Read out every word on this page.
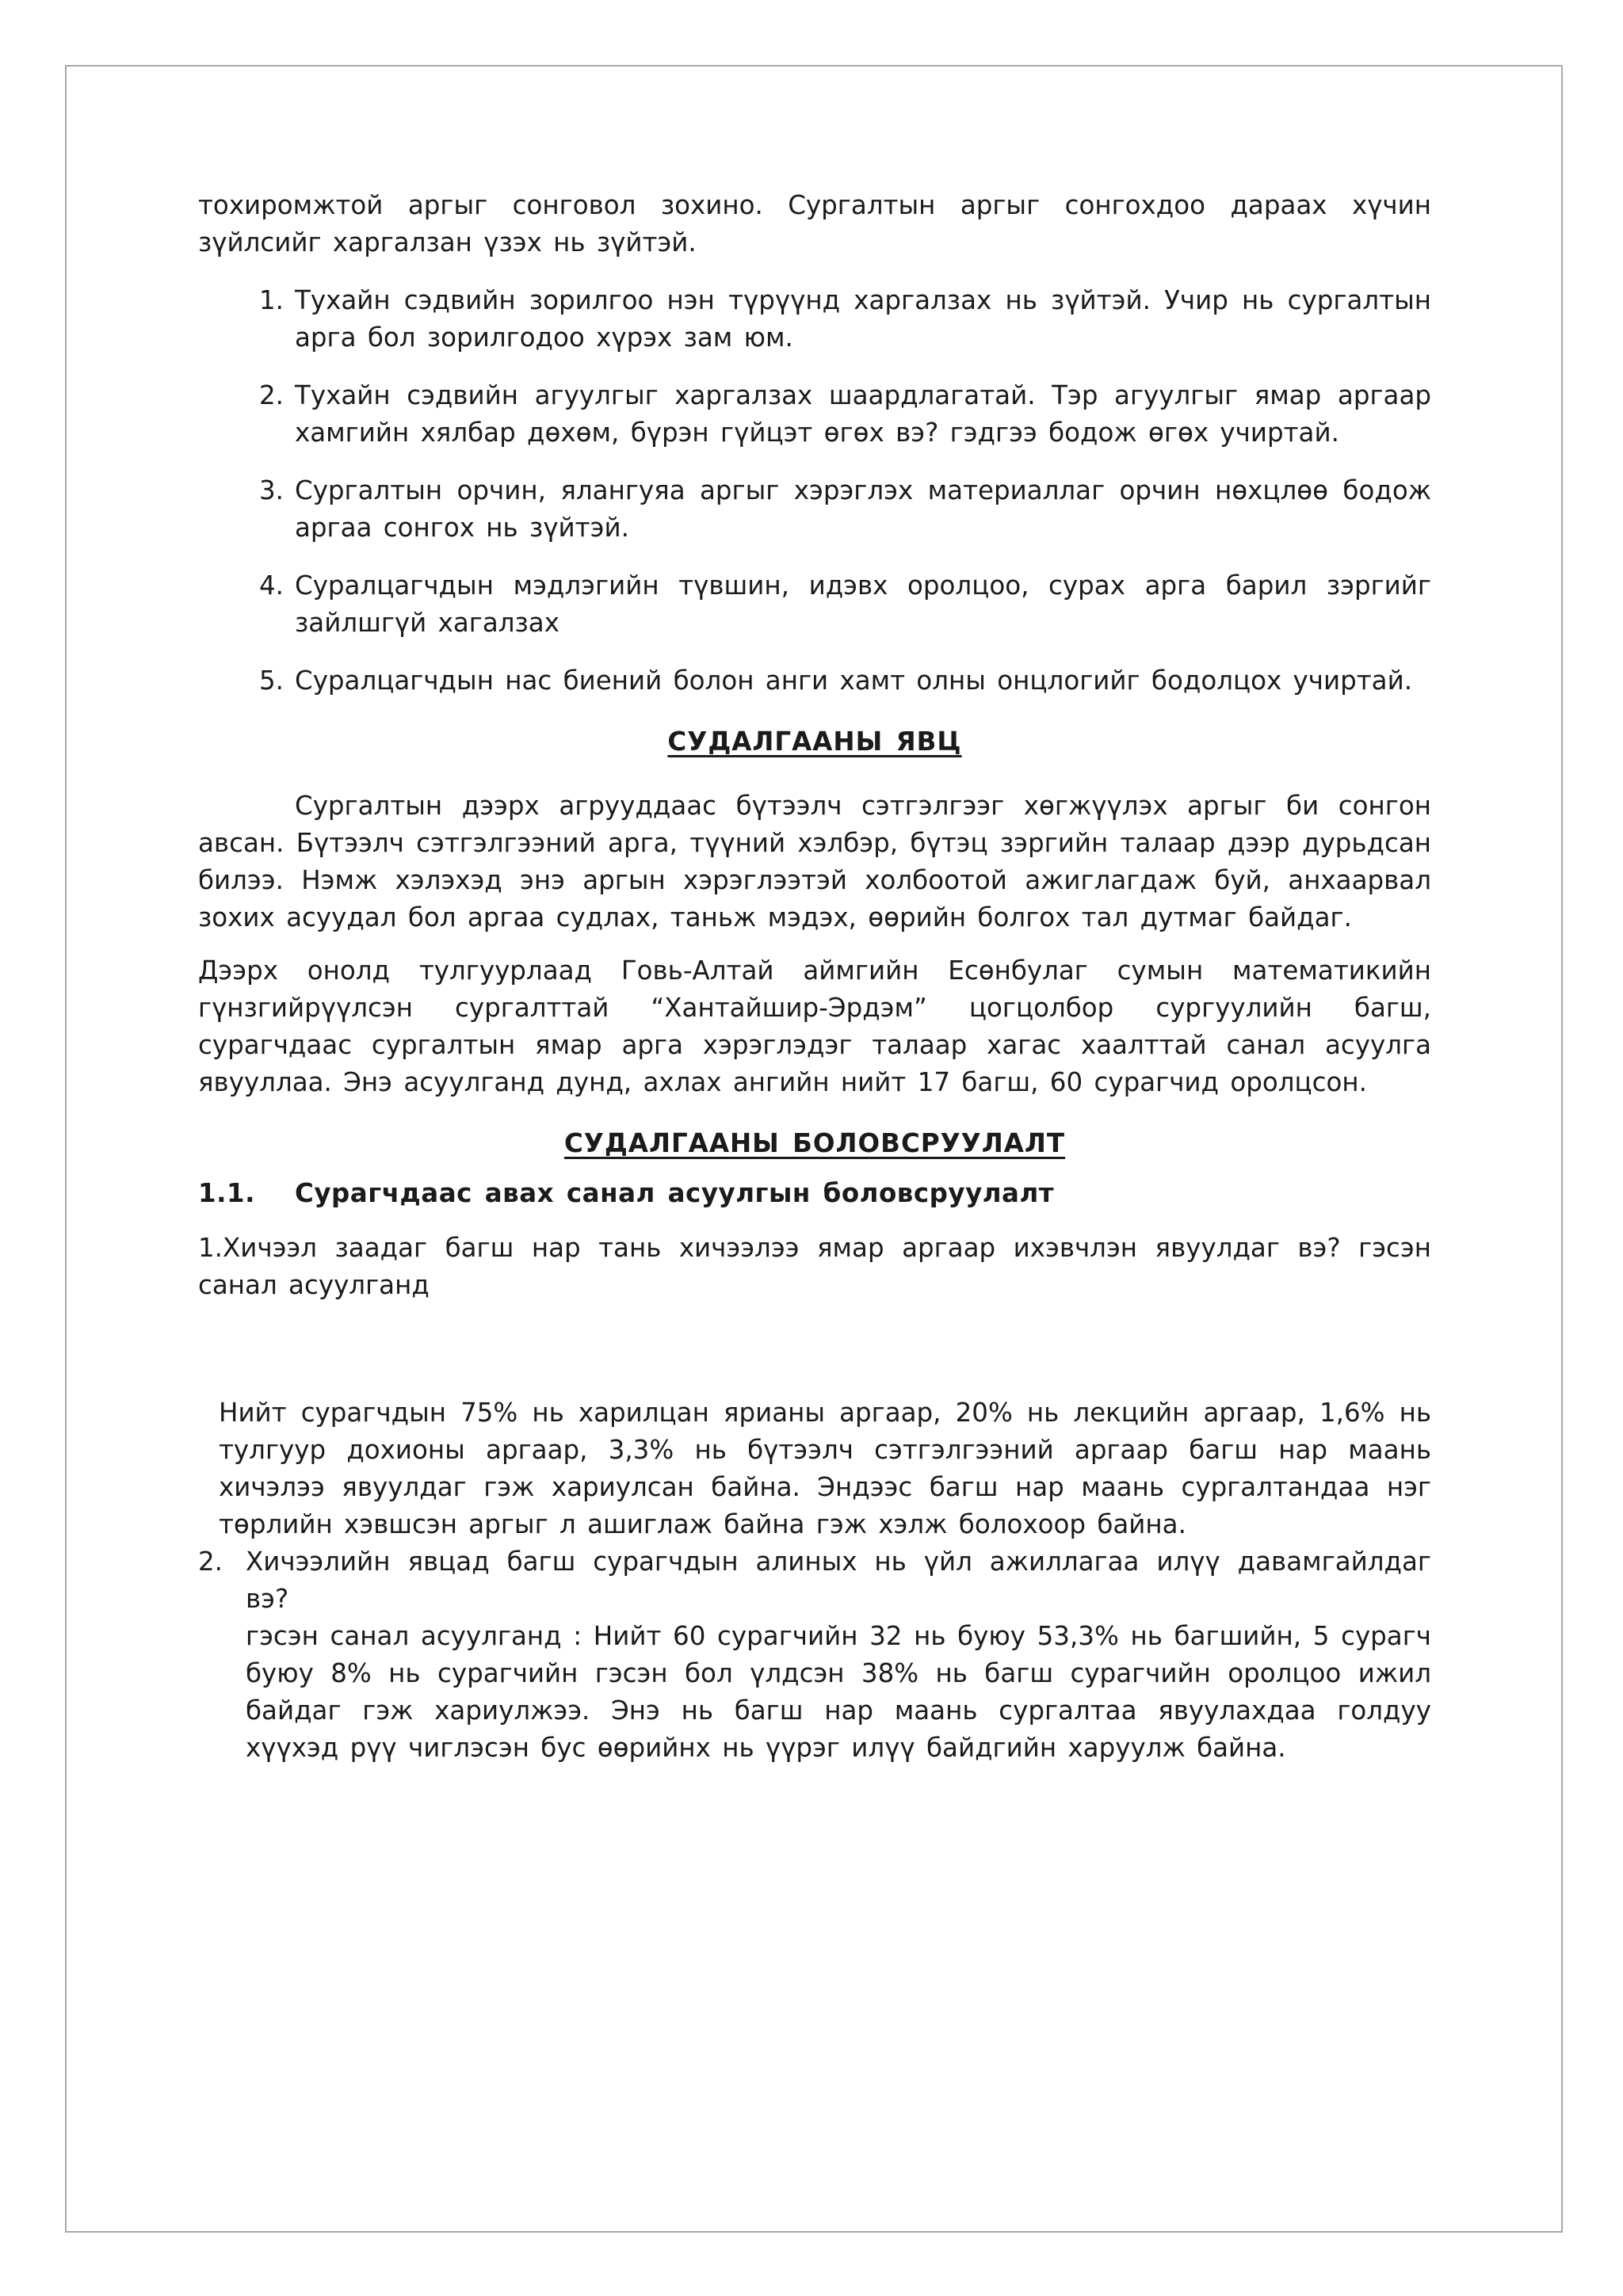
тохиромжтой аргыг сонговол зохино. Сургалтын аргыг сонгохдоо дараах хүчин зүйлсийг харгалзан үзэх нь зүйтэй.

1. Тухайн сэдвийн зорилгоо нэн түрүүнд харгалзах нь зүйтэй. Учир нь сургалтын арга бол зорилгодоо хүрэх зам юм.
2. Тухайн сэдвийн агуулгыг харгалзах шаардлагатай. Тэр агуулгыг ямар аргаар хамгийн хялбар дөхөм, бүрэн гүйцэт өгөх вэ? гэдгээ бодож өгөх учиртай.
3. Сургалтын орчин, ялангуяа аргыг хэрэглэх материаллаг орчин нөхцлөө бодож аргаа сонгох нь зүйтэй.
4. Суралцагчдын мэдлэгийн түвшин, идэвх оролцоо, сурах арга барил зэргийг зайлшгүй хагалзах
5. Суралцагчдын нас биений болон анги хамт олны онцлогийг бодолцох учиртай.

СУДАЛГААНЫ ЯВЦ

Сургалтын дээрх агрууддаас бүтээлч сэтгэлгээг хөгжүүлэх аргыг би сонгон авсан. Бүтээлч сэтгэлгээний арга, түүний хэлбэр, бүтэц зэргийн талаар дээр дурьдсан билээ. Нэмж хэлэхэд энэ аргын хэрэглээтэй холбоотой ажиглагдаж буй, анхаарвал зохих асуудал бол аргаа судлах, таньж мэдэх, өөрийн болгох тал дутмаг байдаг.

Дээрх онолд тулгуурлаад Говь-Алтай аймгийн Есөнбулаг сумын математикийн гүнзгийрүүлсэн сургалттай “Хантайшир-Эрдэм” цогцолбор сургуулийн багш, сурагчдаас сургалтын ямар арга хэрэглэдэг талаар хагас хаалттай санал асуулга явууллаа. Энэ асуулганд дунд, ахлах ангийн нийт 17 багш, 60 сурагчид оролцсон.

СУДАЛГААНЫ БОЛОВСРУУЛАЛТ

1.1.	Сурагчдаас авах санал асуулгын боловсруулалт

1.Хичээл заадаг багш нар тань хичээлээ ямар аргаар ихэвчлэн явуулдаг вэ? гэсэн санал асуулганд

Нийт сурагчдын 75% нь харилцан ярианы аргаар, 20% нь лекцийн аргаар, 1,6% нь тулгуур дохионы аргаар, 3,3% нь бүтээлч сэтгэлгээний аргаар багш нар маань хичэлээ явуулдаг гэж хариулсан байна. Эндээс багш нар маань сургалтандаа нэг төрлийн хэвшсэн аргыг л ашиглаж байна гэж хэлж болохоор байна.

2. Хичээлийн явцад багш сурагчдын алиных нь үйл ажиллагаа илүү давамгайлдаг вэ?

гэсэн санал асуулганд : Нийт 60 сурагчийн 32 нь буюу 53,3% нь багшийн, 5 сурагч буюу 8% нь сурагчийн гэсэн бол үлдсэн 38% нь багш сурагчийн оролцоо ижил байдаг гэж хариулжээ. Энэ нь багш нар маань сургалтаа явуулахдаа голдуу хүүхэд рүү чиглэсэн бус өөрийнх нь үүрэг илүү байдгийн харуулж байна.
